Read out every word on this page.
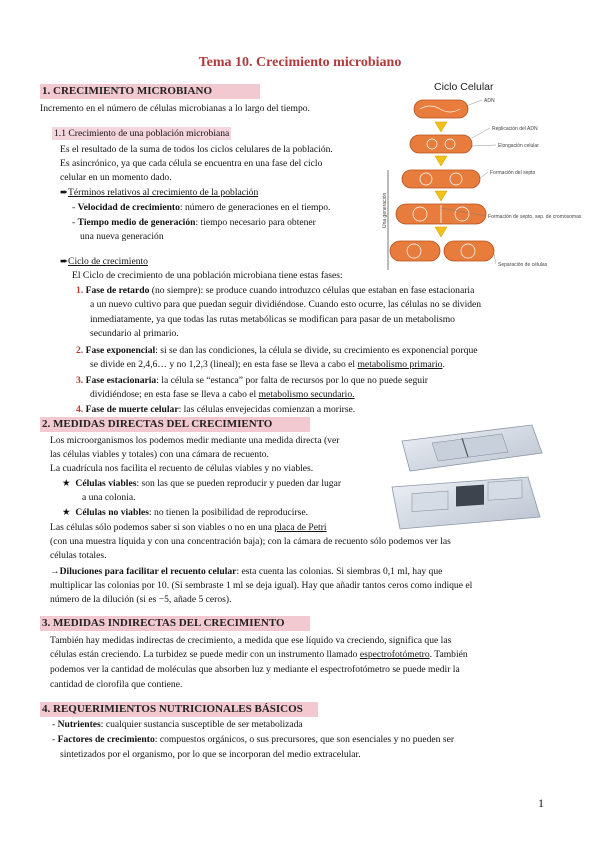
Tema 10. Crecimiento microbiano
1. CRECIMIENTO MICROBIANO
Incremento en el número de células microbianas a lo largo del tiempo.
1.1 Crecimiento de una población microbiana
Es el resultado de la suma de todos los ciclos celulares de la población.
Es asincrónico, ya que cada célula se encuentra en una fase del ciclo
celular en un momento dado.
➨Términos relativos al crecimiento de la población
- Velocidad de crecimiento: número de generaciones en el tiempo.
- Tiempo medio de generación: tiempo necesario para obtener
una nueva generación
➨Ciclo de crecimiento
El Ciclo de crecimiento de una población microbiana tiene estas fases:
1. Fase de retardo (no siempre): se produce cuando introduzco células que estaban en fase estacionaria
a un nuevo cultivo para que puedan seguir dividiéndose. Cuando esto ocurre, las células no se dividen
inmediatamente, ya que todas las rutas metabólicas se modifican para pasar de un metabolismo
secundario al primario.
2. Fase exponencial: si se dan las condiciones, la célula se divide, su crecimiento es exponencial porque
se divide en 2,4,6… y no 1,2,3 (lineal); en esta fase se lleva a cabo el metabolismo primario.
3. Fase estacionaria: la célula se “estanca” por falta de recursos por lo que no puede seguir
dividiéndose; en esta fase se lleva a cabo el metabolismo secundario.
4. Fase de muerte celular: las células envejecidas comienzan a morirse.
Ciclo Celular
Una generación
ADN
Replicación del ADN
Elongación celular
Formación del septo
Formación de septo, sep. de cromosomas
Separación de células
2. MEDIDAS DIRECTAS DEL CRECIMIENTO
Los microorganismos los podemos medir mediante una medida directa (ver
las células viables y totales) con una cámara de recuento.
La cuadrícula nos facilita el recuento de células viables y no viables.
★ Células viables: son las que se pueden reproducir y pueden dar lugar
a una colonia.
★ Células no viables: no tienen la posibilidad de reproducirse.
Las células sólo podemos saber si son viables o no en una placa de Petri
(con una muestra líquida y con una concentración baja); con la cámara de recuento sólo podemos ver las
células totales.
→Diluciones para facilitar el recuento celular: esta cuenta las colonias. Si siembras 0,1 ml, hay que
multiplicar las colonias por 10. (Si sembraste 1 ml se deja igual). Hay que añadir tantos ceros como indique el
número de la dilución (si es −5, añade 5 ceros).
3. MEDIDAS INDIRECTAS DEL CRECIMIENTO
También hay medidas indirectas de crecimiento, a medida que ese líquido va creciendo, significa que las
células están creciendo. La turbidez se puede medir con un instrumento llamado espectrofotómetro. También
podemos ver la cantidad de moléculas que absorben luz y mediante el espectrofotómetro se puede medir la
cantidad de clorofila que contiene.
4. REQUERIMIENTOS NUTRICIONALES BÁSICOS
- Nutrientes: cualquier sustancia susceptible de ser metabolizada
- Factores de crecimiento: compuestos orgánicos, o sus precursores, que son esenciales y no pueden ser
sintetizados por el organismo, por lo que se incorporan del medio extracelular.
1
